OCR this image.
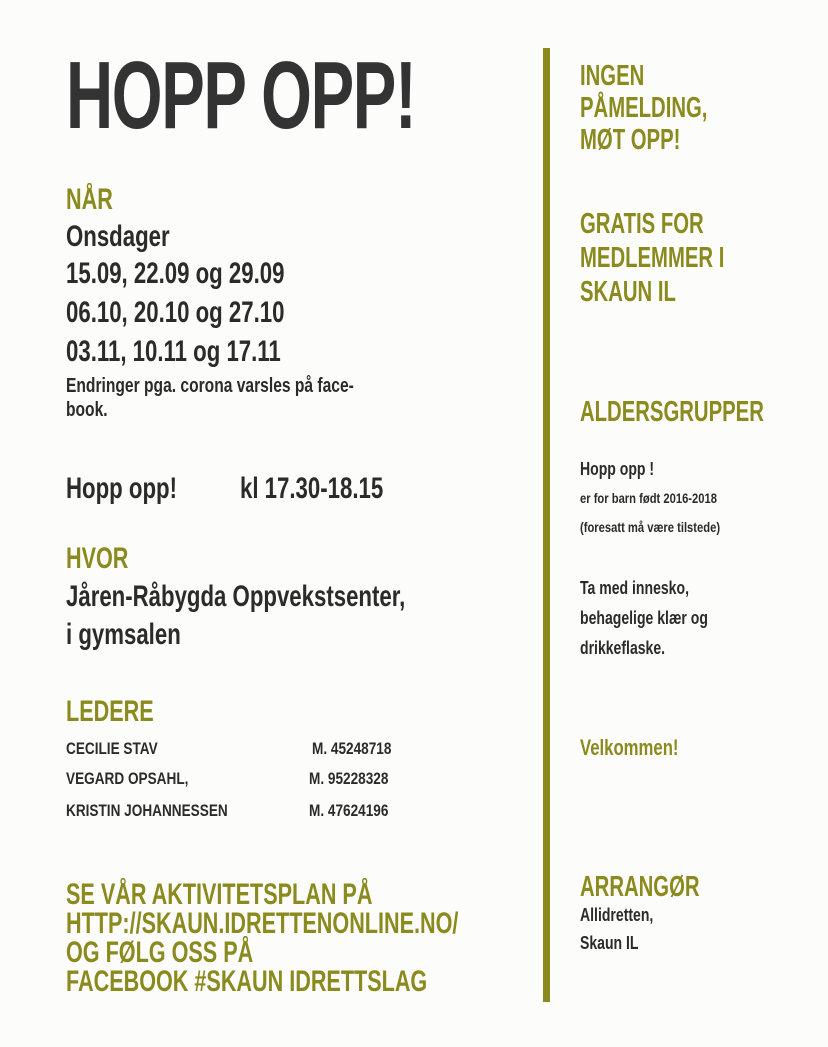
HOPP OPP!
NÅR
Onsdager
15.09, 22.09 og 29.09
06.10, 20.10 og 27.10
03.11, 10.11 og 17.11
Endringer pga. corona varsles på face-
book.
Hopp opp! kl 17.30-18.15
HVOR
Jåren-Råbygda Oppvekstsenter,
i gymsalen
LEDERE
CECILIE STAV	M. 45248718
VEGARD OPSAHL,	M. 95228328
KRISTIN JOHANNESSEN	M. 47624196
SE VÅR AKTIVITETSPLAN PÅ
HTTP://SKAUN.IDRETTENONLINE.NO/
OG FØLG OSS PÅ
FACEBOOK #SKAUN IDRETTSLAG
INGEN
PÅMELDING,
MØT OPP!
GRATIS FOR
MEDLEMMER I
SKAUN IL
ALDERSGRUPPER
Hopp opp !
er for barn født 2016-2018
(foresatt må være tilstede)
Ta med innesko,
behagelige klær og
drikkeflaske.
Velkommen!
ARRANGØR
Allidretten,
Skaun IL
